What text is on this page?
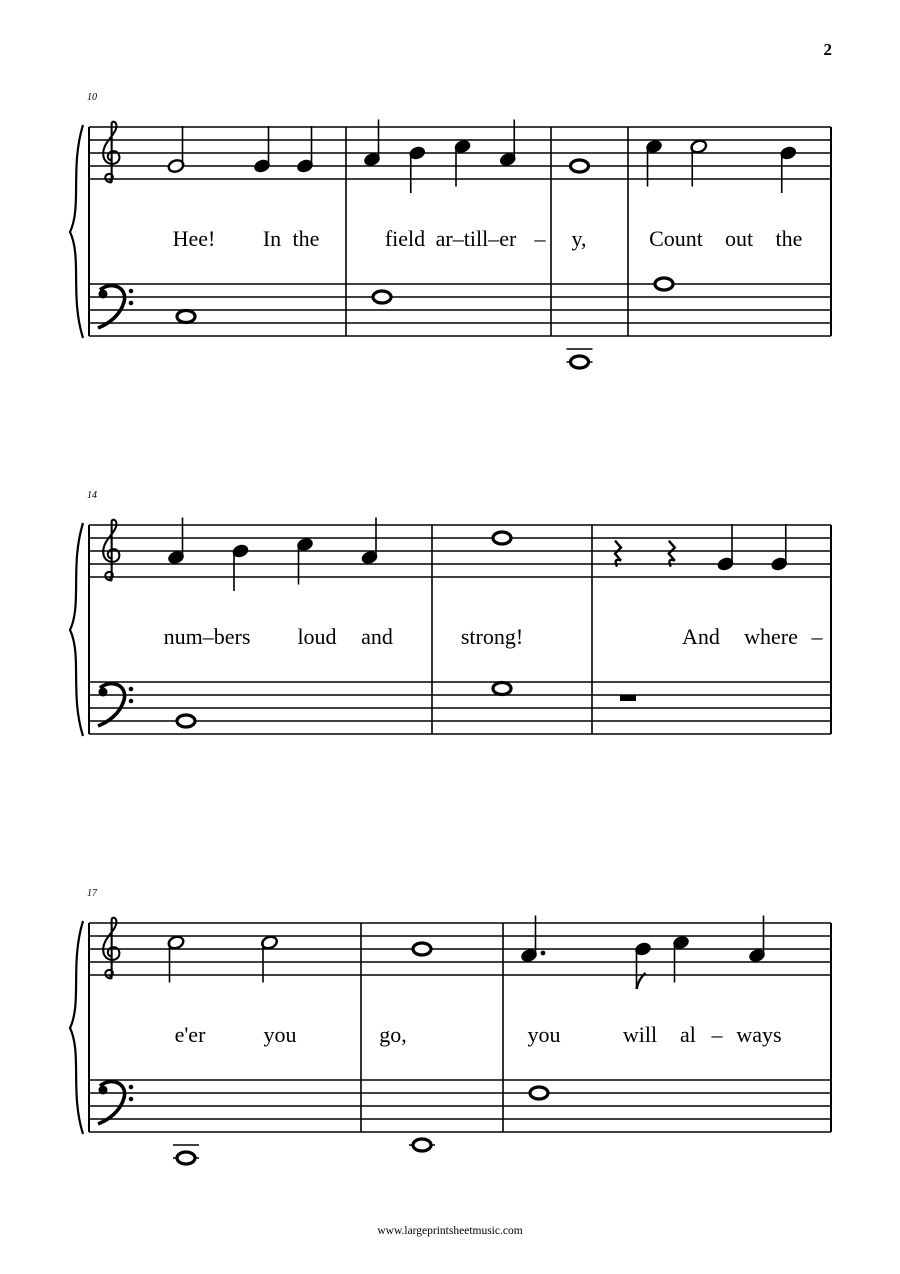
2
10
Hee! In the	field ar–till–er – y,	Count out the
14
num–bers loud and	strong!	And where –
17
e'er	you	go,	you	will al – ways
www.largeprintsheetmusic.com
